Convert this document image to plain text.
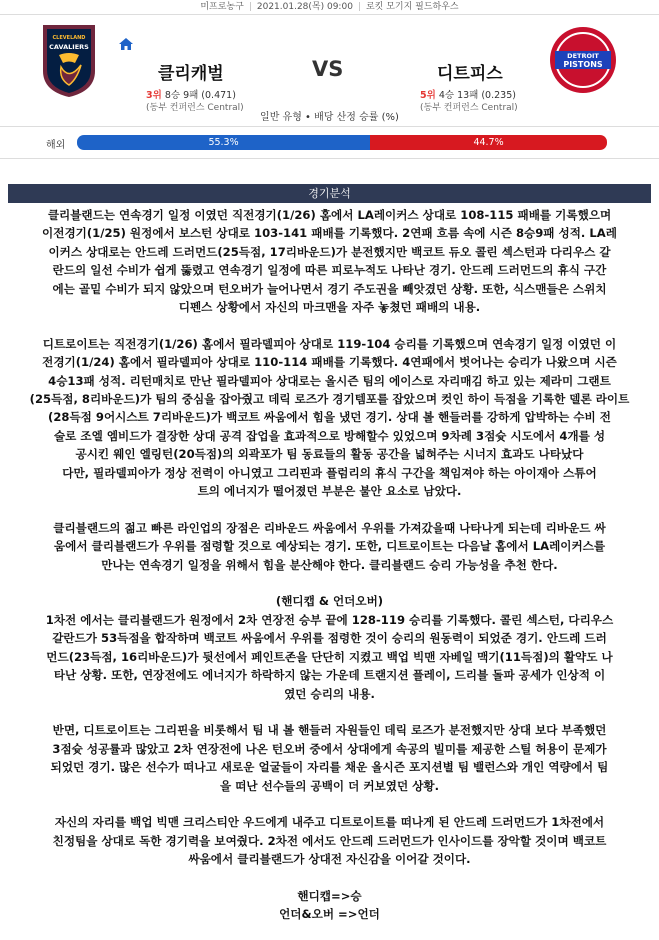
미프로농구 | 2021.01.28(목) 09:00 | 로킷 모기지 필드하우스
CLEVELAND
CAVALIERS
클리캐벌	VS	디트피스
DETROIT
PISTONS
3위 8승 9패 (0.471)	5위 4승 13패 (0.235)
(동부 컨퍼런스 Central)	(동부 컨퍼런스 Central)
일반 유형 • 배당 산정 승률 (%)
해외	55.3%	44.7%
경기분석

클리블랜드는 연속경기 일정 이였던 직전경기(1/26) 홈에서 LA레이커스 상대로 108-115 패배를 기록했으며

이전경기(1/25) 원정에서 보스턴 상대로 103-141 패배를 기록했다. 2연패 흐름 속에 시즌 8승9패 성적. LA레

이커스 상대로는 안드레 드러먼드(25득점, 17리바운드)가 분전했지만 백코트 듀오 콜린 섹스턴과 다리우스 갈

란드의 일선 수비가 쉽게 뚫렸고 연속경기 일정에 따른 피로누적도 나타난 경기. 안드레 드러먼드의 휴식 구간

에는 골밑 수비가 되지 않았으며 턴오버가 늘어나면서 경기 주도권을 빼앗겼던 상황. 또한, 식스맨들은 스위치

디펜스 상황에서 자신의 마크맨을 자주 놓쳤던 패배의 내용.

디트로이트는 직전경기(1/26) 홈에서 필라델피아 상대로 119-104 승리를 기록했으며 연속경기 일정 이였던 이

전경기(1/24) 홈에서 필라델피아 상대로 110-114 패배를 기록했다. 4연패에서 벗어나는 승리가 나왔으며 시즌

4승13패 성적. 리턴매치로 만난 필라델피아 상대로는 올시즌 팀의 에이스로 자리매김 하고 있는 제라미 그랜트

(25득점, 8리바운드)가 팀의 중심을 잡아줬고 데릭 로즈가 경기템포를 잡았으며 컷인 하이 득점을 기록한 델론 라이트

(28득점 9어시스트 7리바운드)가 백코트 싸움에서 힘을 냈던 경기. 상대 볼 핸들러를 강하게 압박하는 수비 전

술로 조엘 엠비드가 결장한 상대 공격 잡업을 효과적으로 방해할수 있었으며 9차례 3점슛 시도에서 4개를 성

공시킨 웨인 엘링턴(20득점)의 외곽포가 팀 동료들의 활동 공간을 넓혀주는 시너지 효과도 나타났다

다만, 필라델피아가 정상 전력이 아니였고 그리핀과 플럼리의 휴식 구간을 책임져야 하는 아이재아 스튜어

트의 에너지가 떨어졌던 부분은 불안 요소로 남았다.

클리블랜드의 젊고 빠른 라인업의 장점은 리바운드 싸움에서 우위를 가져갔을때 나타나게 되는데 리바운드 싸

움에서 클리블랜드가 우위를 점령할 것으로 예상되는 경기. 또한, 디트로이트는 다음날 홈에서 LA레이커스를

만나는 연속경기 일정을 위해서 힘을 분산해야 한다. 클리블랜드 승리 가능성을 추천 한다.

(핸디캡 & 언더오버)

1차전 에서는 클리블랜드가 원정에서 2차 연장전 승부 끝에 128-119 승리를 기록했다. 콜린 섹스턴, 다리우스

갈란드가 53득점을 합작하며 백코트 싸움에서 우위를 점령한 것이 승리의 원동력이 되었준 경기. 안드레 드러

먼드(23득점, 16리바운드)가 뒷선에서 페인트존을 단단히 지켰고 백업 빅맨 자베일 맥기(11득점)의 활약도 나

타난 상황. 또한, 연장전에도 에너지가 하락하지 않는 가운데 트랜지션 플레이, 드리블 돌파 공세가 인상적 이

였던 승리의 내용.

반면, 디트로이트는 그리핀을 비롯해서 팀 내 볼 핸들러 자원들인 데릭 로즈가 분전했지만 상대 보다 부족했던

3점슛 성공률과 많았고 2차 연장전에 나온 턴오버 중에서 상대에게 속공의 빌미를 제공한 스틸 허용이 문제가

되었던 경기. 많은 선수가 떠나고 새로운 얼굴들이 자리를 채운 올시즌 포지션별 팀 밸런스와 개인 역량에서 팀

을 떠난 선수들의 공백이 더 커보였던 상황.

자신의 자리를 백업 빅맨 크리스티안 우드에게 내주고 디트로이트를 떠나게 된 안드레 드러먼드가 1차전에서

친정팀을 상대로 독한 경기력을 보여줬다. 2차전 에서도 안드레 드러먼드가 인사이드를 장악할 것이며 백코트

싸움에서 클리블랜드가 상대전 자신감을 이어갈 것이다.

핸디캡=>승

언더&오버 =>언더
